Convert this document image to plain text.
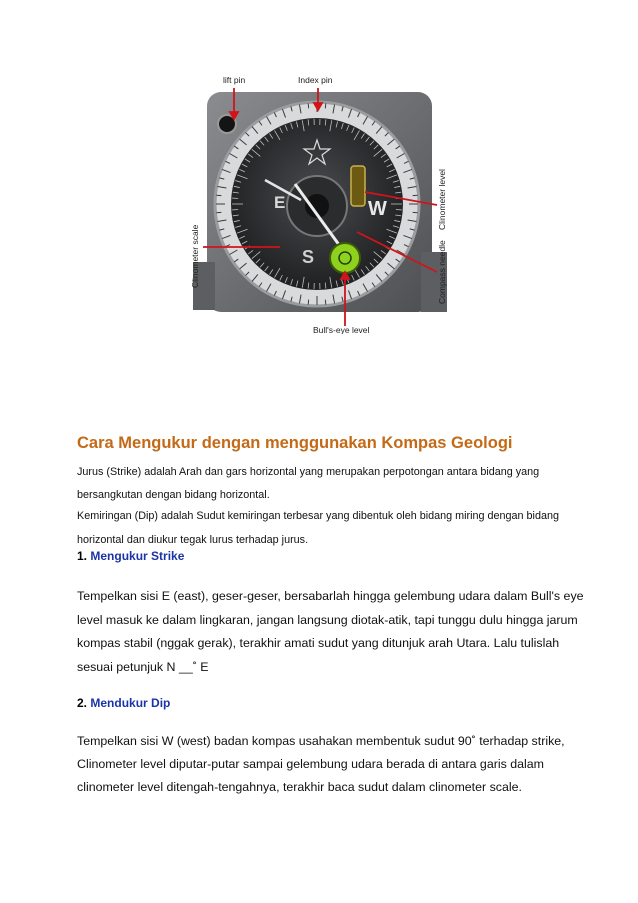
E	W
S
lift pin	Index pin
Clinometer level
Compass needle
Clinometer scale
Bull's-eye level
Cara Mengukur dengan menggunakan Kompas Geologi

Jurus (Strike) adalah Arah dan gars horizontal yang merupakan perpotongan antara bidang yang

bersangkutan dengan bidang horizontal.

Kemiringan (Dip) adalah Sudut kemiringan terbesar yang dibentuk oleh bidang miring dengan bidang

horizontal dan diukur tegak lurus terhadap jurus.

1. Mengukur Strike

Tempelkan sisi E (east), geser-geser, bersabarlah hingga gelembung udara dalam Bull's eye

level masuk ke dalam lingkaran, jangan langsung diotak-atik, tapi tunggu dulu hingga jarum

kompas stabil (nggak gerak), terakhir amati sudut yang ditunjuk arah Utara. Lalu tulislah

sesuai petunjuk N __˚ E

2. Mendukur Dip

Tempelkan sisi W (west) badan kompas usahakan membentuk sudut 90˚ terhadap strike,

Clinometer level diputar-putar sampai gelembung udara berada di antara garis dalam

clinometer level ditengah-tengahnya, terakhir baca sudut dalam clinometer scale.
